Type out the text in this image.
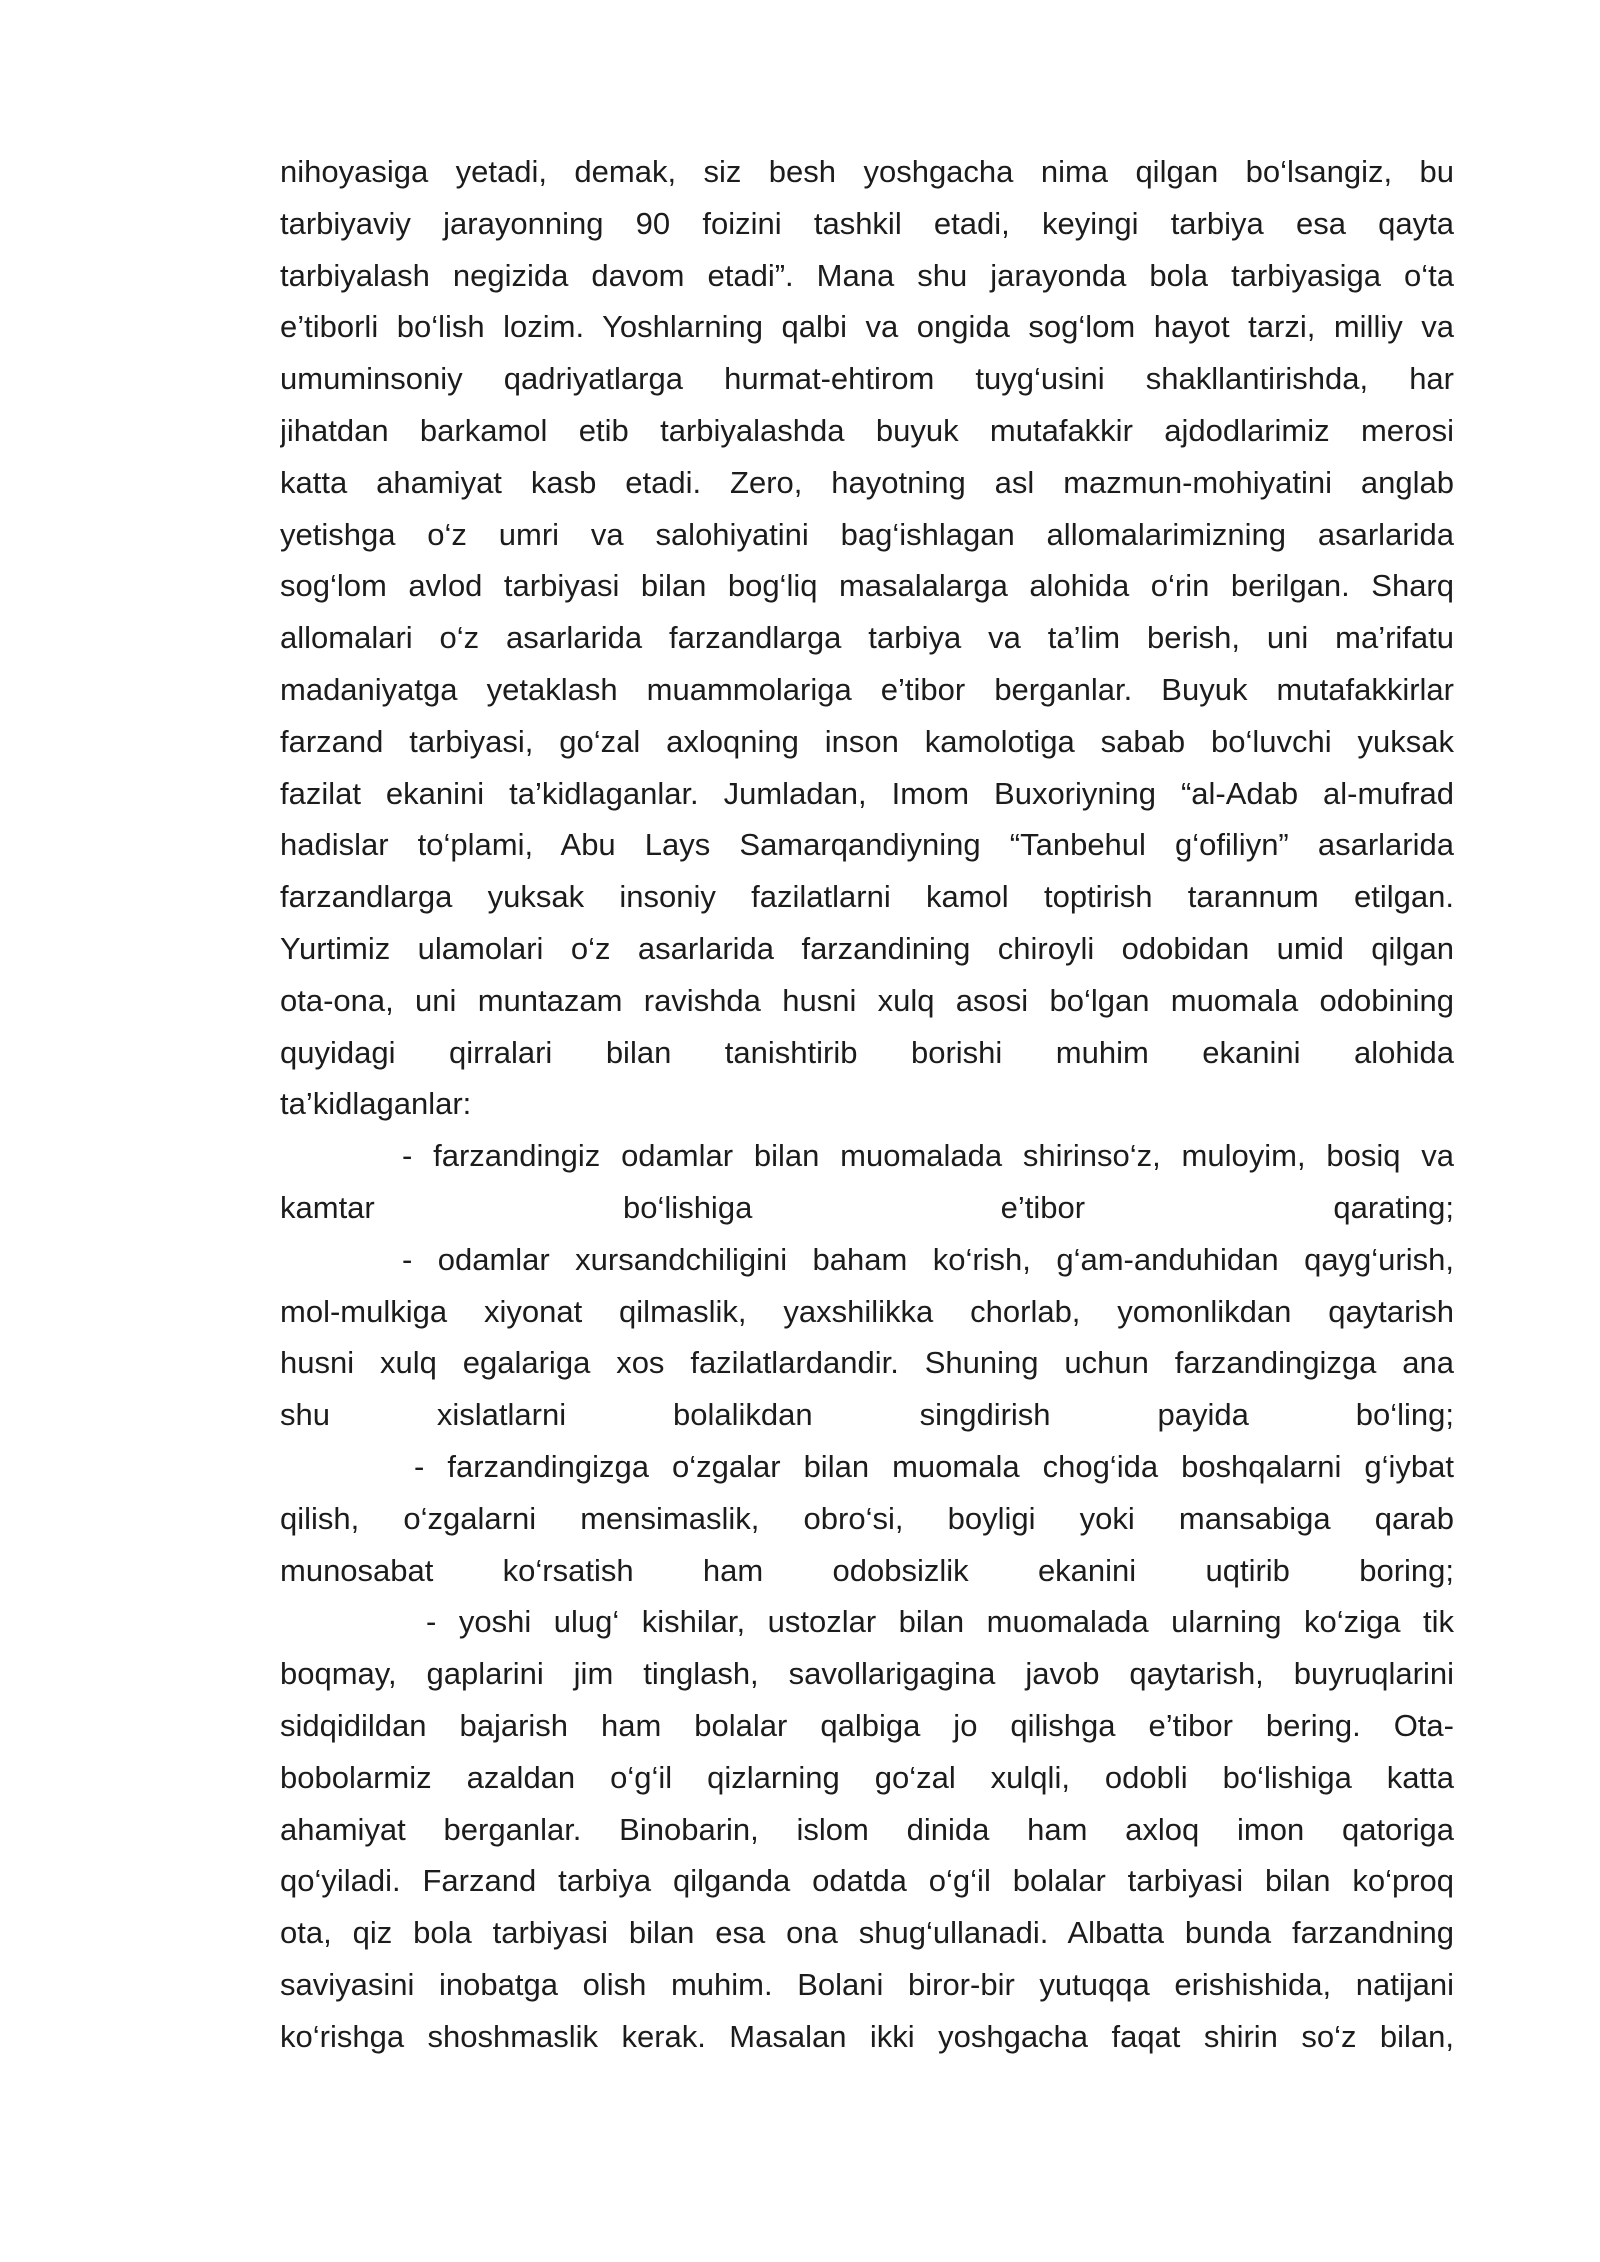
nihoyasiga yetadi, demak, siz besh yoshgacha nima qilgan bo‘lsangiz, bu
tarbiyaviy jarayonning 90 foizini tashkil etadi, keyingi tarbiya esa qayta
tarbiyalash negizida davom etadi”. Mana shu jarayonda bola tarbiyasiga o‘ta
e’tiborli bo‘lish lozim. Yoshlarning qalbi va ongida sog‘lom hayot tarzi, milliy va
umuminsoniy qadriyatlarga hurmat-ehtirom tuyg‘usini shakllantirishda, har
jihatdan barkamol etib tarbiyalashda buyuk mutafakkir ajdodlarimiz merosi
katta ahamiyat kasb etadi. Zero, hayotning asl mazmun-mohiyatini anglab
yetishga o‘z umri va salohiyatini bag‘ishlagan allomalarimizning asarlarida
sog‘lom avlod tarbiyasi bilan bog‘liq masalalarga alohida o‘rin berilgan. Sharq
allomalari o‘z asarlarida farzandlarga tarbiya va ta’lim berish, uni ma’rifatu
madaniyatga yetaklash muammolariga e’tibor berganlar. Buyuk mutafakkirlar
farzand tarbiyasi, go‘zal axloqning inson kamolotiga sabab bo‘luvchi yuksak
fazilat ekanini ta’kidlaganlar. Jumladan, Imom Buxoriyning “al-Adab al-mufrad
hadislar to‘plami, Abu Lays Samarqandiyning “Tanbehul g‘ofiliyn” asarlarida
farzandlarga yuksak insoniy fazilatlarni kamol toptirish tarannum etilgan.
Yurtimiz ulamolari o‘z asarlarida farzandining chiroyli odobidan umid qilgan
ota-ona, uni muntazam ravishda husni xulq asosi bo‘lgan muomala odobining
quyidagi qirralari bilan tanishtirib borishi muhim ekanini alohida
ta’kidlaganlar:
- farzandingiz odamlar bilan muomalada shirinso‘z, muloyim, bosiq va
kamtar bo‘lishiga e’tibor qarating;
- odamlar xursandchiligini baham ko‘rish, g‘am-anduhidan qayg‘urish,
mol-mulkiga xiyonat qilmaslik, yaxshilikka chorlab, yomonlikdan qaytarish
husni xulq egalariga xos fazilatlardandir. Shuning uchun farzandingizga ana
shu xislatlarni bolalikdan singdirish payida bo‘ling;
- farzandingizga o‘zgalar bilan muomala chog‘ida boshqalarni g‘iybat
qilish, o‘zgalarni mensimaslik, obro‘si, boyligi yoki mansabiga qarab
munosabat ko‘rsatish ham odobsizlik ekanini uqtirib boring;
- yoshi ulug‘ kishilar, ustozlar bilan muomalada ularning ko‘ziga tik
boqmay, gaplarini jim tinglash, savollarigagina javob qaytarish, buyruqlarini
sidqidildan bajarish ham bolalar qalbiga jo qilishga e’tibor bering. Ota-
bobolarmiz azaldan o‘g‘il qizlarning go‘zal xulqli, odobli bo‘lishiga katta
ahamiyat berganlar. Binobarin, islom dinida ham axloq imon qatoriga
qo‘yiladi. Farzand tarbiya qilganda odatda o‘g‘il bolalar tarbiyasi bilan ko‘proq
ota, qiz bola tarbiyasi bilan esa ona shug‘ullanadi. Albatta bunda farzandning
saviyasini inobatga olish muhim. Bolani biror-bir yutuqqa erishishida, natijani
ko‘rishga shoshmaslik kerak. Masalan ikki yoshgacha faqat shirin so‘z bilan,
